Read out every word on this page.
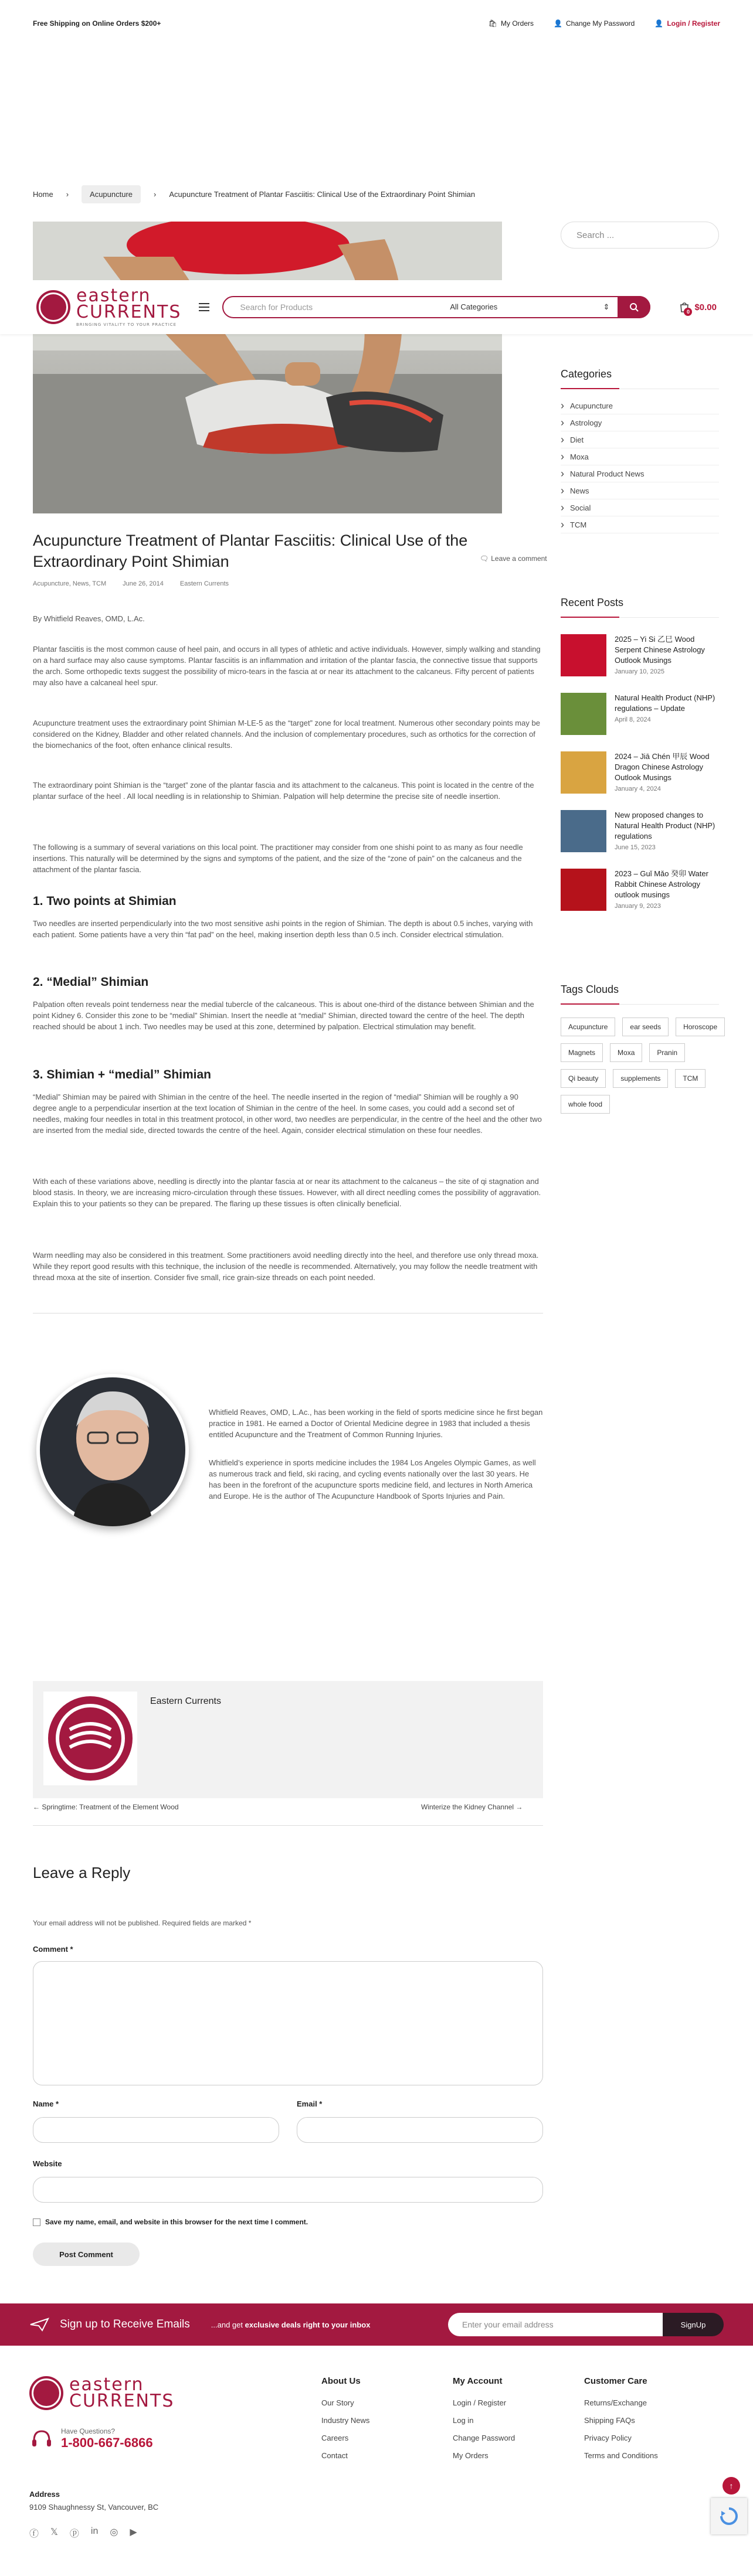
Free Shipping on Online Orders $200+	🛍 My Orders	👤 Change My Password	👤 Login / Register
Home ›	Acupuncture	› Acupuncture Treatment of Plantar Fasciitis: Clinical Use of the Extraordinary Point Shimian
eastern
CURRENTS
BRINGING VITALITY TO YOUR PRACTICE
Search for Products	All Categories	⇕
0 $0.00
Search ...
Categories
› Acupuncture
› Astrology
› Diet
› Moxa
› Natural Product News
› News
› Social
› TCM
Recent Posts
2025 – Yi Si 乙巳 Wood Serpent Chinese Astrology Outlook Musings
January 10, 2025
Natural Health Product (NHP) regulations – Update
April 8, 2024
2024 – Jiā Chén 甲辰 Wood Dragon Chinese Astrology Outlook Musings
January 4, 2024
New proposed changes to Natural Health Product (NHP) regulations
June 15, 2023
2023 – Guǐ Mǎo 癸卯 Water Rabbit Chinese Astrology outlook musings
January 9, 2023
Tags Clouds
Acupuncture	ear seeds	Horoscope
Magnets	Moxa	Pranin
Qi beauty	supplements	TCM
whole food
Acupuncture Treatment of Plantar Fasciitis: Clinical Use of the Extraordinary Point Shimian	🗨 Leave a comment
Acupuncture, News, TCM	June 26, 2014	Eastern Currents
By Whitfield Reaves, OMD, L.Ac.

Plantar fasciitis is the most common cause of heel pain, and occurs in all types of athletic and active individuals. However, simply walking and standing on a hard surface may also cause symptoms. Plantar fasciitis is an inflammation and irritation of the plantar fascia, the connective tissue that supports the arch. Some orthopedic texts suggest the possibility of micro-tears in the fascia at or near its attachment to the calcaneus. Fifty percent of patients may also have a calcaneal heel spur.

Acupuncture treatment uses the extraordinary point Shimian M-LE-5 as the “target” zone for local treatment. Numerous other secondary points may be considered on the Kidney, Bladder and other related channels. And the inclusion of complementary procedures, such as orthotics for the correction of the biomechanics of the foot, often enhance clinical results.

The extraordinary point Shimian is the “target” zone of the plantar fascia and its attachment to the calcaneus. This point is located in the centre of the plantar surface of the heel . All local needling is in relationship to Shimian. Palpation will help determine the precise site of needle insertion.

The following is a summary of several variations on this local point. The practitioner may consider from one shishi point to as many as four needle insertions. This naturally will be determined by the signs and symptoms of the patient, and the size of the “zone of pain” on the calcaneus and the attachment of the plantar fascia.

1. Two points at Shimian

Two needles are inserted perpendicularly into the two most sensitive ashi points in the region of Shimian. The depth is about 0.5 inches, varying with each patient. Some patients have a very thin “fat pad” on the heel, making insertion depth less than 0.5 inch. Consider electrical stimulation.

2. “Medial” Shimian

Palpation often reveals point tenderness near the medial tubercle of the calcaneous. This is about one-third of the distance between Shimian and the point Kidney 6. Consider this zone to be “medial” Shimian. Insert the needle at “medial” Shimian, directed toward the centre of the heel. The depth reached should be about 1 inch. Two needles may be used at this zone, determined by palpation. Electrical stimulation may benefit.

3. Shimian + “medial” Shimian

“Medial” Shimian may be paired with Shimian in the centre of the heel. The needle inserted in the region of “medial” Shimian will be roughly a 90 degree angle to a perpendicular insertion at the text location of Shimian in the centre of the heel. In some cases, you could add a second set of needles, making four needles in total in this treatment protocol, in other word, two needles are perpendicular, in the centre of the heel and the other two are inserted from the medial side, directed towards the centre of the heel. Again, consider electrical stimulation on these four needles.

With each of these variations above, needling is directly into the plantar fascia at or near its attachment to the calcaneus – the site of qi stagnation and blood stasis. In theory, we are increasing micro-circulation through these tissues. However, with all direct needling comes the possibility of aggravation. Explain this to your patients so they can be prepared. The flaring up these tissues is often clinically beneficial.

Warm needling may also be considered in this treatment. Some practitioners avoid needling directly into the heel, and therefore use only thread moxa. While they report good results with this technique, the inclusion of the needle is recommended. Alternatively, you may follow the needle treatment with thread moxa at the site of insertion. Consider five small, rice grain-size threads on each point needed.

Whitfield Reaves, OMD, L.Ac., has been working in the field of sports medicine since he first began practice in 1981. He earned a Doctor of Oriental Medicine degree in 1983 that included a thesis entitled Acupuncture and the Treatment of Common Running Injuries.

Whitfield’s experience in sports medicine includes the 1984 Los Angeles Olympic Games, as well as numerous track and field, ski racing, and cycling events nationally over the last 30 years. He has been in the forefront of the acupuncture sports medicine field, and lectures in North America and Europe. He is the author of The Acupuncture Handbook of Sports Injuries and Pain.

Eastern Currents
← Springtime: Treatment of the Element Wood	Winterize the Kidney Channel →
Leave a Reply
Your email address will not be published. Required fields are marked *
Comment *
Name *	Email *
Website
Save my name, email, and website in this browser for the next time I comment.
Post Comment
Sign up to Receive Emails	...and get exclusive deals right to your inbox	Enter your email address	SignUp
eastern
CURRENTS
Have Questions?
1-800-667-6866
Address
9109 Shaughnessy St, Vancouver, BC
ⓕ 𝕏 ⓟ in ◎ ▶
About Us
Our Story
Industry News
Careers
Contact
My Account
Login / Register
Log in
Change Password
My Orders
Customer Care
Returns/Exchange
Shipping FAQs
Privacy Policy
Terms and Conditions
↑
